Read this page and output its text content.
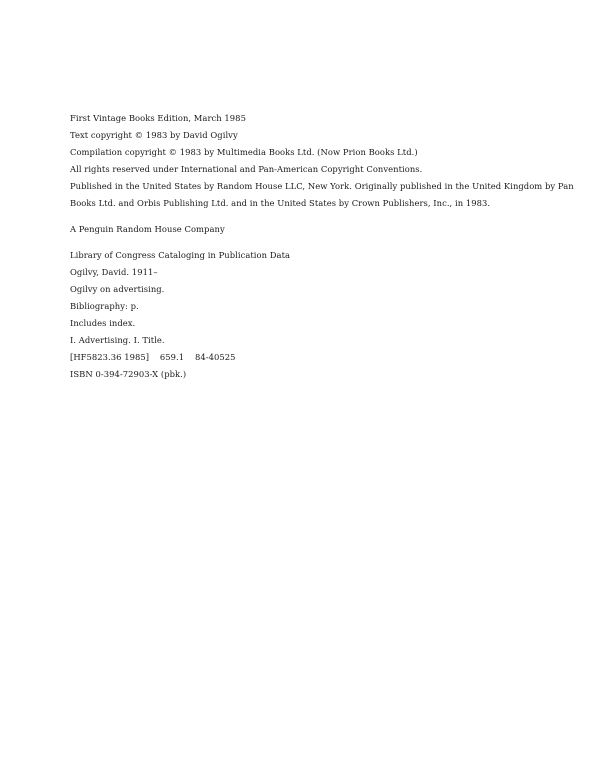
First Vintage Books Edition, March 1985
Text copyright © 1983 by David Ogilvy
Compilation copyright © 1983 by Multimedia Books Ltd. (Now Prion Books Ltd.)
All rights reserved under International and Pan-American Copyright Conventions.
Published in the United States by Random House LLC, New York. Originally published in the United Kingdom by Pan
Books Ltd. and Orbis Publishing Ltd. and in the United States by Crown Publishers, Inc., in 1983.
A Penguin Random House Company
Library of Congress Cataloging in Publication Data
Ogilvy, David. 1911–
Ogilvy on advertising.
Bibliography: p.
Includes index.
I. Advertising. I. Title.
[HF5823.36 1985]    659.1    84-40525
ISBN 0-394-72903-X (pbk.)
